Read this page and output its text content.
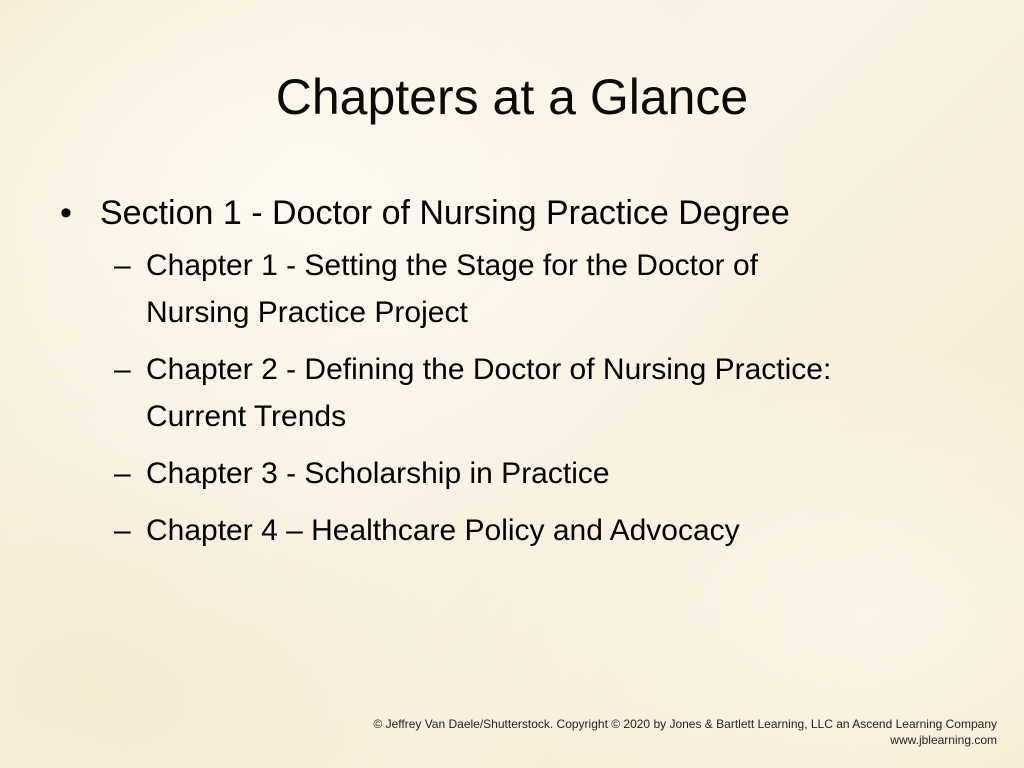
Chapters at a Glance
• Section 1 - Doctor of Nursing Practice Degree
– Chapter 1 - Setting the Stage for the Doctor of Nursing Practice Project
– Chapter 2 - Defining the Doctor of Nursing Practice: Current Trends
– Chapter 3 - Scholarship in Practice
– Chapter 4 – Healthcare Policy and Advocacy
© Jeffrey Van Daele/Shutterstock. Copyright © 2020 by Jones & Bartlett Learning, LLC an Ascend Learning Company
www.jblearning.com
